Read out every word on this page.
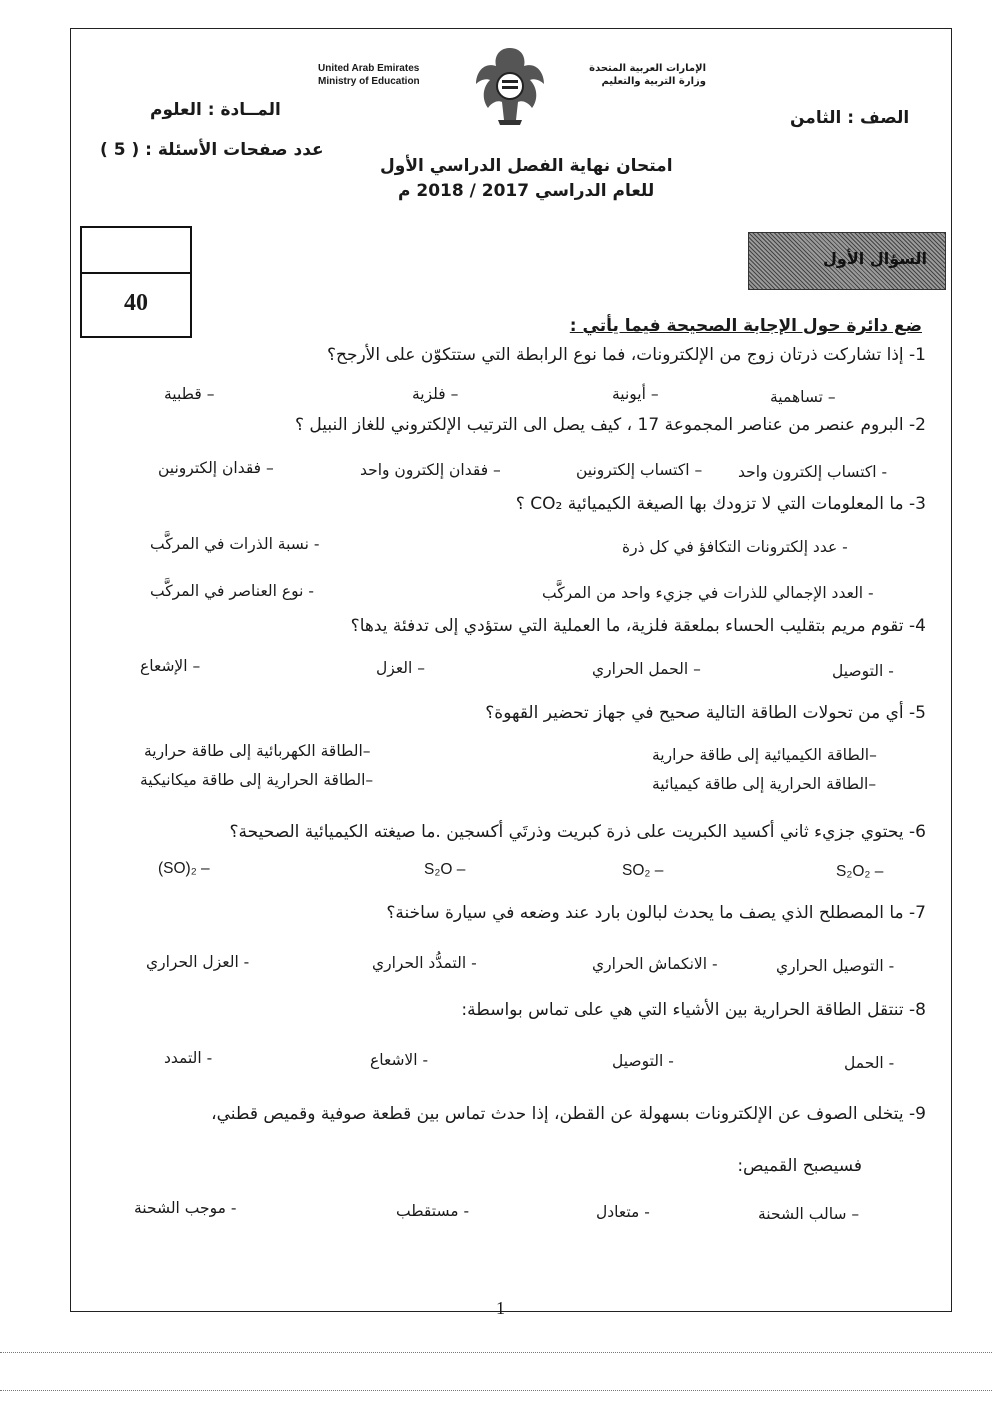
United Arab Emirates
Ministry of Education
الإمارات العربية المتحدة
وزارة التربية والتعليم
الصف : الثامن
المــادة : العلوم
عدد صفحات الأسئلة : ( 5 )
امتحان نهاية الفصل الدراسي الأول
للعام الدراسي 2017 / 2018 م
40
السؤال الأول
ضع دائرة حول الإجابة الصحيحة فيما يأتي :
1- إذا تشاركت ذرتان زوج من الإلكترونات، فما نوع الرابطة التي ستتكوّن على الأرجح؟
– تساهمية
– أيونية
– فلزية
– قطبية
2- البروم عنصر من عناصر المجموعة 17 ، كيف يصل الى الترتيب الإلكتروني للغاز النبيل ؟
- اكتساب إلكترون واحد
– اكتساب إلكترونين
– فقدان إلكترون واحد
– فقدان إلكترونين
3- ما المعلومات التي لا تزودك بها الصيغة الكيميائية CO₂ ؟
- عدد إلكترونات التكافؤ في كل ذرة
- نسبة الذرات في المركَّب
- العدد الإجمالي للذرات في جزيء واحد من المركَّب
- نوع العناصر في المركَّب
4- تقوم مريم بتقليب الحساء بملعقة فلزية، ما العملية التي ستؤدي إلى تدفئة يدها؟
- التوصيل
– الحمل الحراري
– العزل
– الإشعاع
5- أي من تحولات الطاقة التالية صحيح في جهاز تحضير القهوة؟
–الطاقة الكيميائية إلى طاقة حرارية
–الطاقة الكهربائية إلى طاقة حرارية
–الطاقة الحرارية إلى طاقة كيميائية
–الطاقة الحرارية إلى طاقة ميكانيكية
6- يحتوي جزيء ثاني أكسيد الكبريت على ذرة كبريت وذرتَي أكسجين .ما صيغته الكيميائية الصحيحة؟
S₂O₂ –
SO₂ –
S₂O –
(SO)₂ –
7- ما المصطلح الذي يصف ما يحدث لبالون بارد عند وضعه في سيارة ساخنة؟
- التوصيل الحراري
- الانكماش الحراري
- التمدُّد الحراري
- العزل الحراري
8- تنتقل الطاقة الحرارية بين الأشياء التي هي على تماس بواسطة:
- الحمل
- التوصيل
- الاشعاع
- التمدد
9- يتخلى الصوف عن الإلكترونات بسهولة عن القطن، إذا حدث تماس بين قطعة صوفية وقميص قطني،
فسيصبح القميص:
– سالب الشحنة
- متعادل
- مستقطب
- موجب الشحنة
1
